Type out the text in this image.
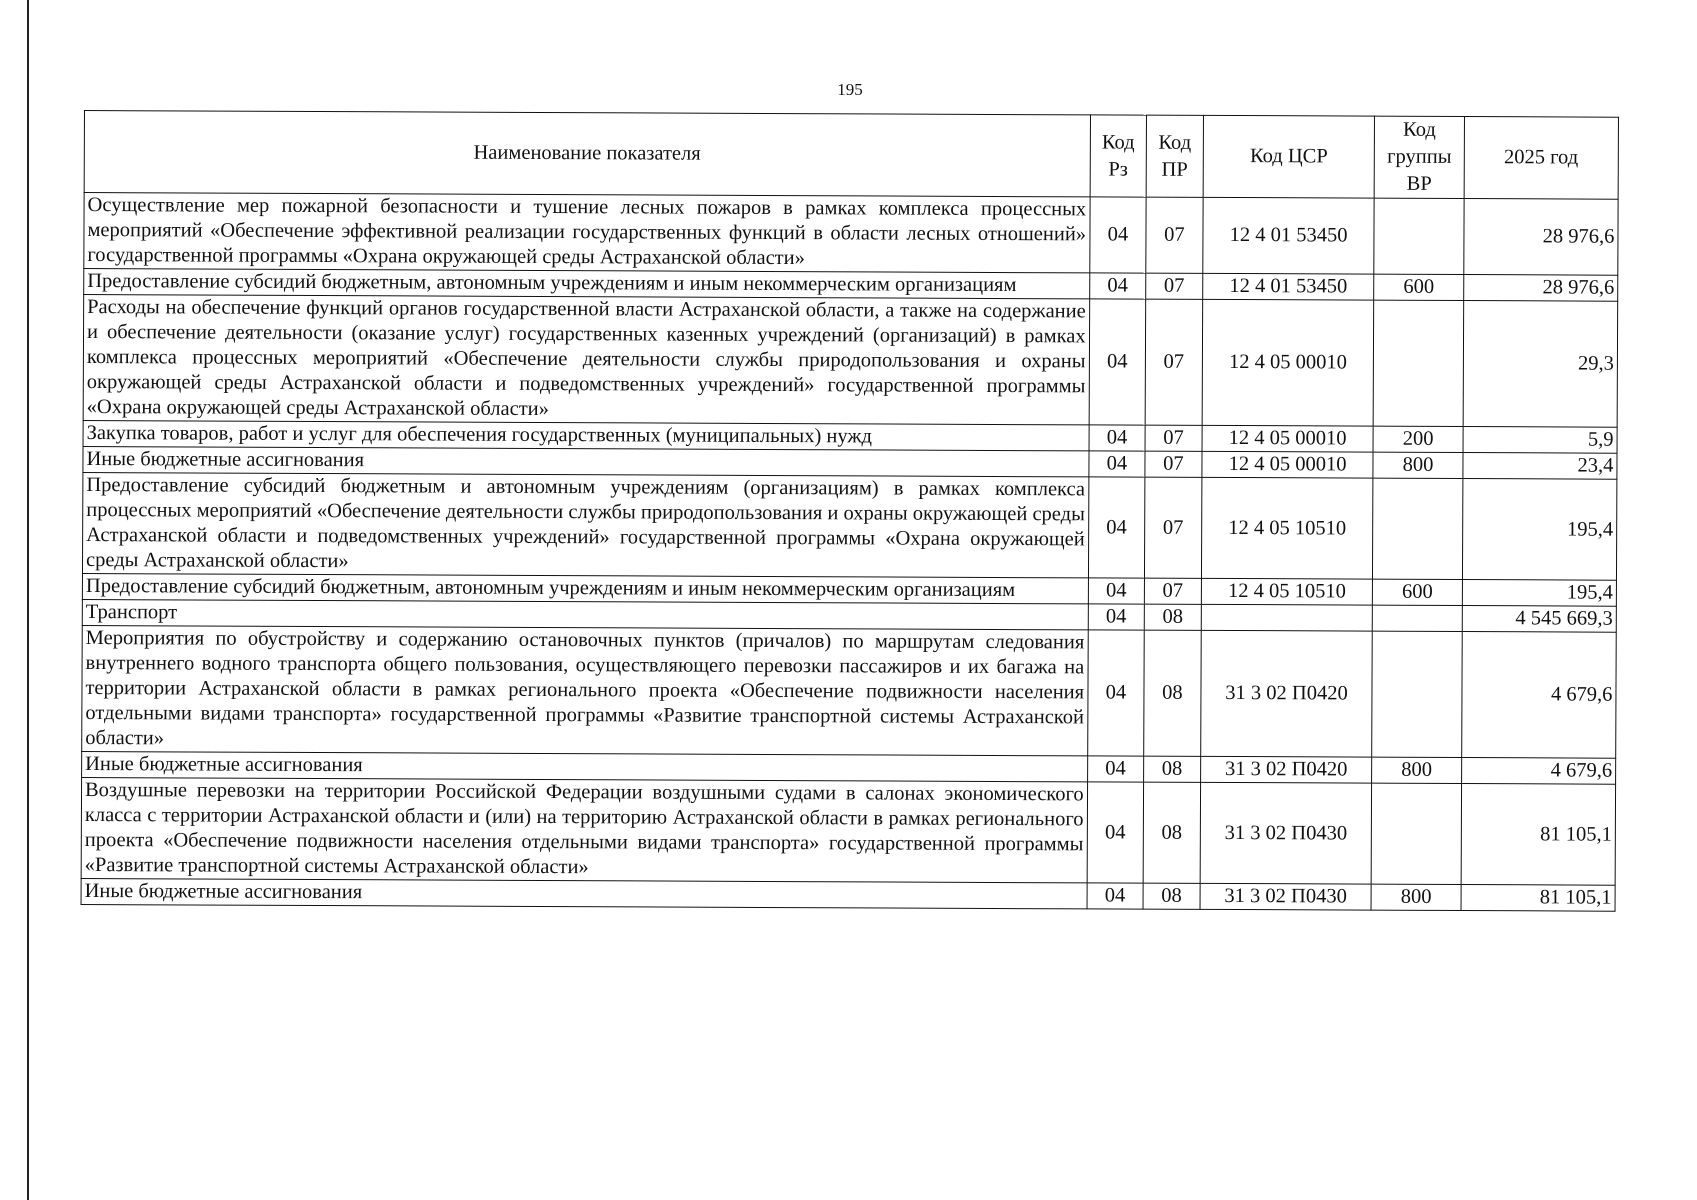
195
Наименование показателя	Код Рз	Код ПР	Код ЦСР	Код группы ВР	2025 год
Осуществление мер пожарной безопасности и тушение лесных пожаров в рамках комплекса процессных мероприятий «Обеспечение эффективной реализации государственных функций в области лесных отношений» государственной программы «Охрана окружающей среды Астраханской области»	04	07	12 4 01 53450		28 976,6
Предоставление субсидий бюджетным, автономным учреждениям и иным некоммерческим организациям	04	07	12 4 01 53450	600	28 976,6
Расходы на обеспечение функций органов государственной власти Астраханской области, а также на содержание и обеспечение деятельности (оказание услуг) государственных казенных учреждений (организаций) в рамках комплекса процессных мероприятий «Обеспечение деятельности службы природопользования и охраны окружающей среды Астраханской области и подведомственных учреждений» государственной программы «Охрана окружающей среды Астраханской области»	04	07	12 4 05 00010		29,3
Закупка товаров, работ и услуг для обеспечения государственных (муниципальных) нужд	04	07	12 4 05 00010	200	5,9
Иные бюджетные ассигнования	04	07	12 4 05 00010	800	23,4
Предоставление субсидий бюджетным и автономным учреждениям (организациям) в рамках комплекса процессных мероприятий «Обеспечение деятельности службы природопользования и охраны окружающей среды Астраханской области и подведомственных учреждений» государственной программы «Охрана окружающей среды Астраханской области»	04	07	12 4 05 10510		195,4
Предоставление субсидий бюджетным, автономным учреждениям и иным некоммерческим организациям	04	07	12 4 05 10510	600	195,4
Транспорт	04	08			4 545 669,3
Мероприятия по обустройству и содержанию остановочных пунктов (причалов) по маршрутам следования внутреннего водного транспорта общего пользования, осуществляющего перевозки пассажиров и их багажа на территории Астраханской области в рамках регионального проекта «Обеспечение подвижности населения отдельными видами транспорта» государственной программы «Развитие транспортной системы Астраханской области»	04	08	31 3 02 П0420		4 679,6
Иные бюджетные ассигнования	04	08	31 3 02 П0420	800	4 679,6
Воздушные перевозки на территории Российской Федерации воздушными судами в салонах экономического класса с территории Астраханской области и (или) на территорию Астраханской области в рамках регионального проекта «Обеспечение подвижности населения отдельными видами транспорта» государственной программы «Развитие транспортной системы Астраханской области»	04	08	31 3 02 П0430		81 105,1
Иные бюджетные ассигнования	04	08	31 3 02 П0430	800	81 105,1
